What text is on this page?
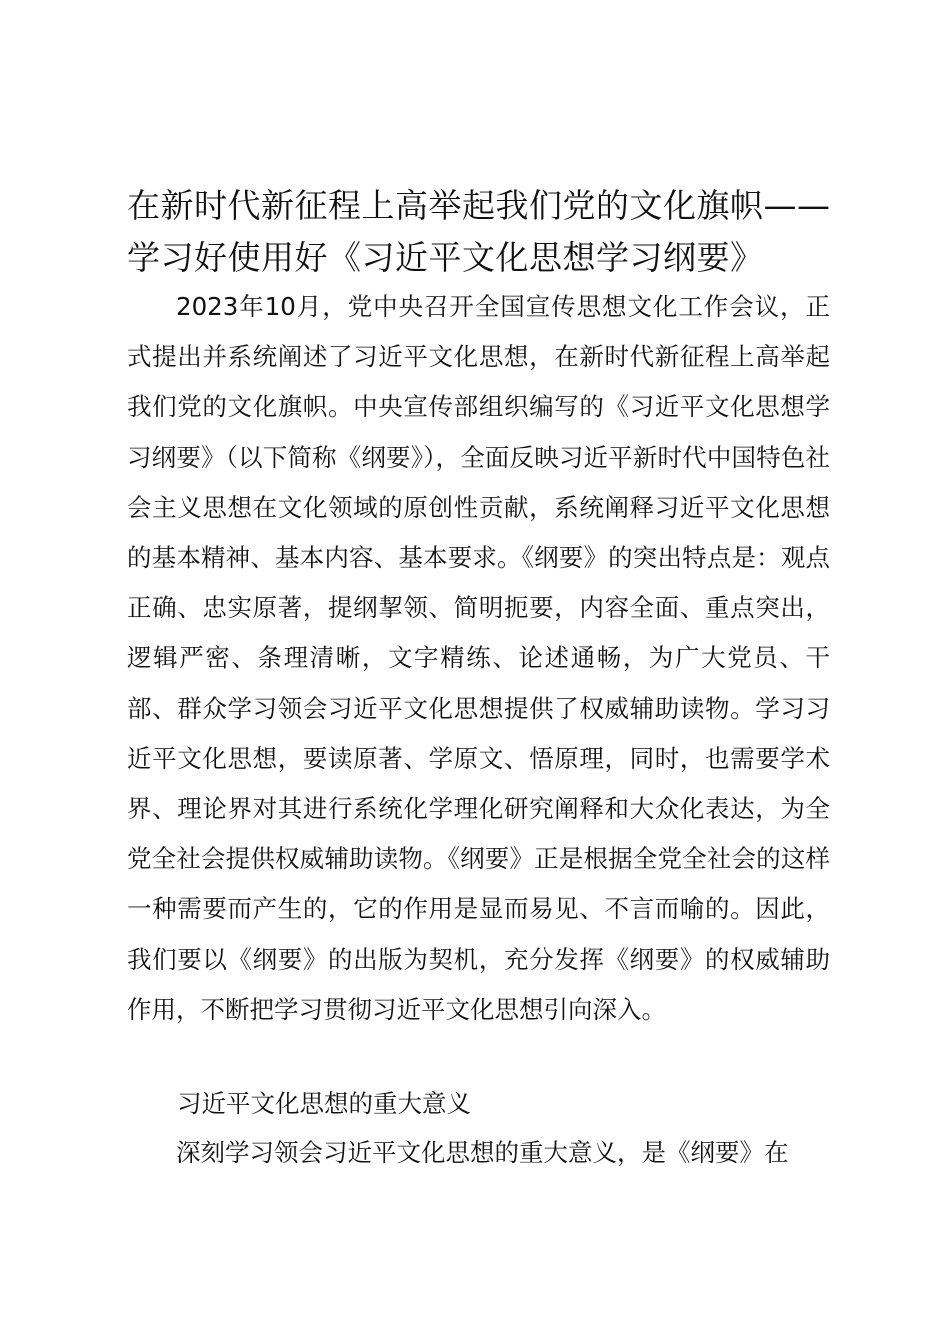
在新时代新征程上高举起我们党的文化旗帜——学习好使用好《习近平文化思想学习纲要》

2023年10月，党中央召开全国宣传思想文化工作会议，正式提出并系统阐述了习近平文化思想，在新时代新征程上高举起我们党的文化旗帜。中央宣传部组织编写的《习近平文化思想学习纲要》（以下简称《纲要》），全面反映习近平新时代中国特色社会主义思想在文化领域的原创性贡献，系统阐释习近平文化思想的基本精神、基本内容、基本要求。《纲要》的突出特点是：观点正确、忠实原著，提纲挈领、简明扼要，内容全面、重点突出，逻辑严密、条理清晰，文字精练、论述通畅，为广大党员、干部、群众学习领会习近平文化思想提供了权威辅助读物。学习习近平文化思想，要读原著、学原文、悟原理，同时，也需要学术界、理论界对其进行系统化学理化研究阐释和大众化表达，为全党全社会提供权威辅助读物。《纲要》正是根据全党全社会的这样一种需要而产生的，它的作用是显而易见、不言而喻的。因此，我们要以《纲要》的出版为契机，充分发挥《纲要》的权威辅助作用，不断把学习贯彻习近平文化思想引向深入。

习近平文化思想的重大意义

深刻学习领会习近平文化思想的重大意义，是《纲要》在
